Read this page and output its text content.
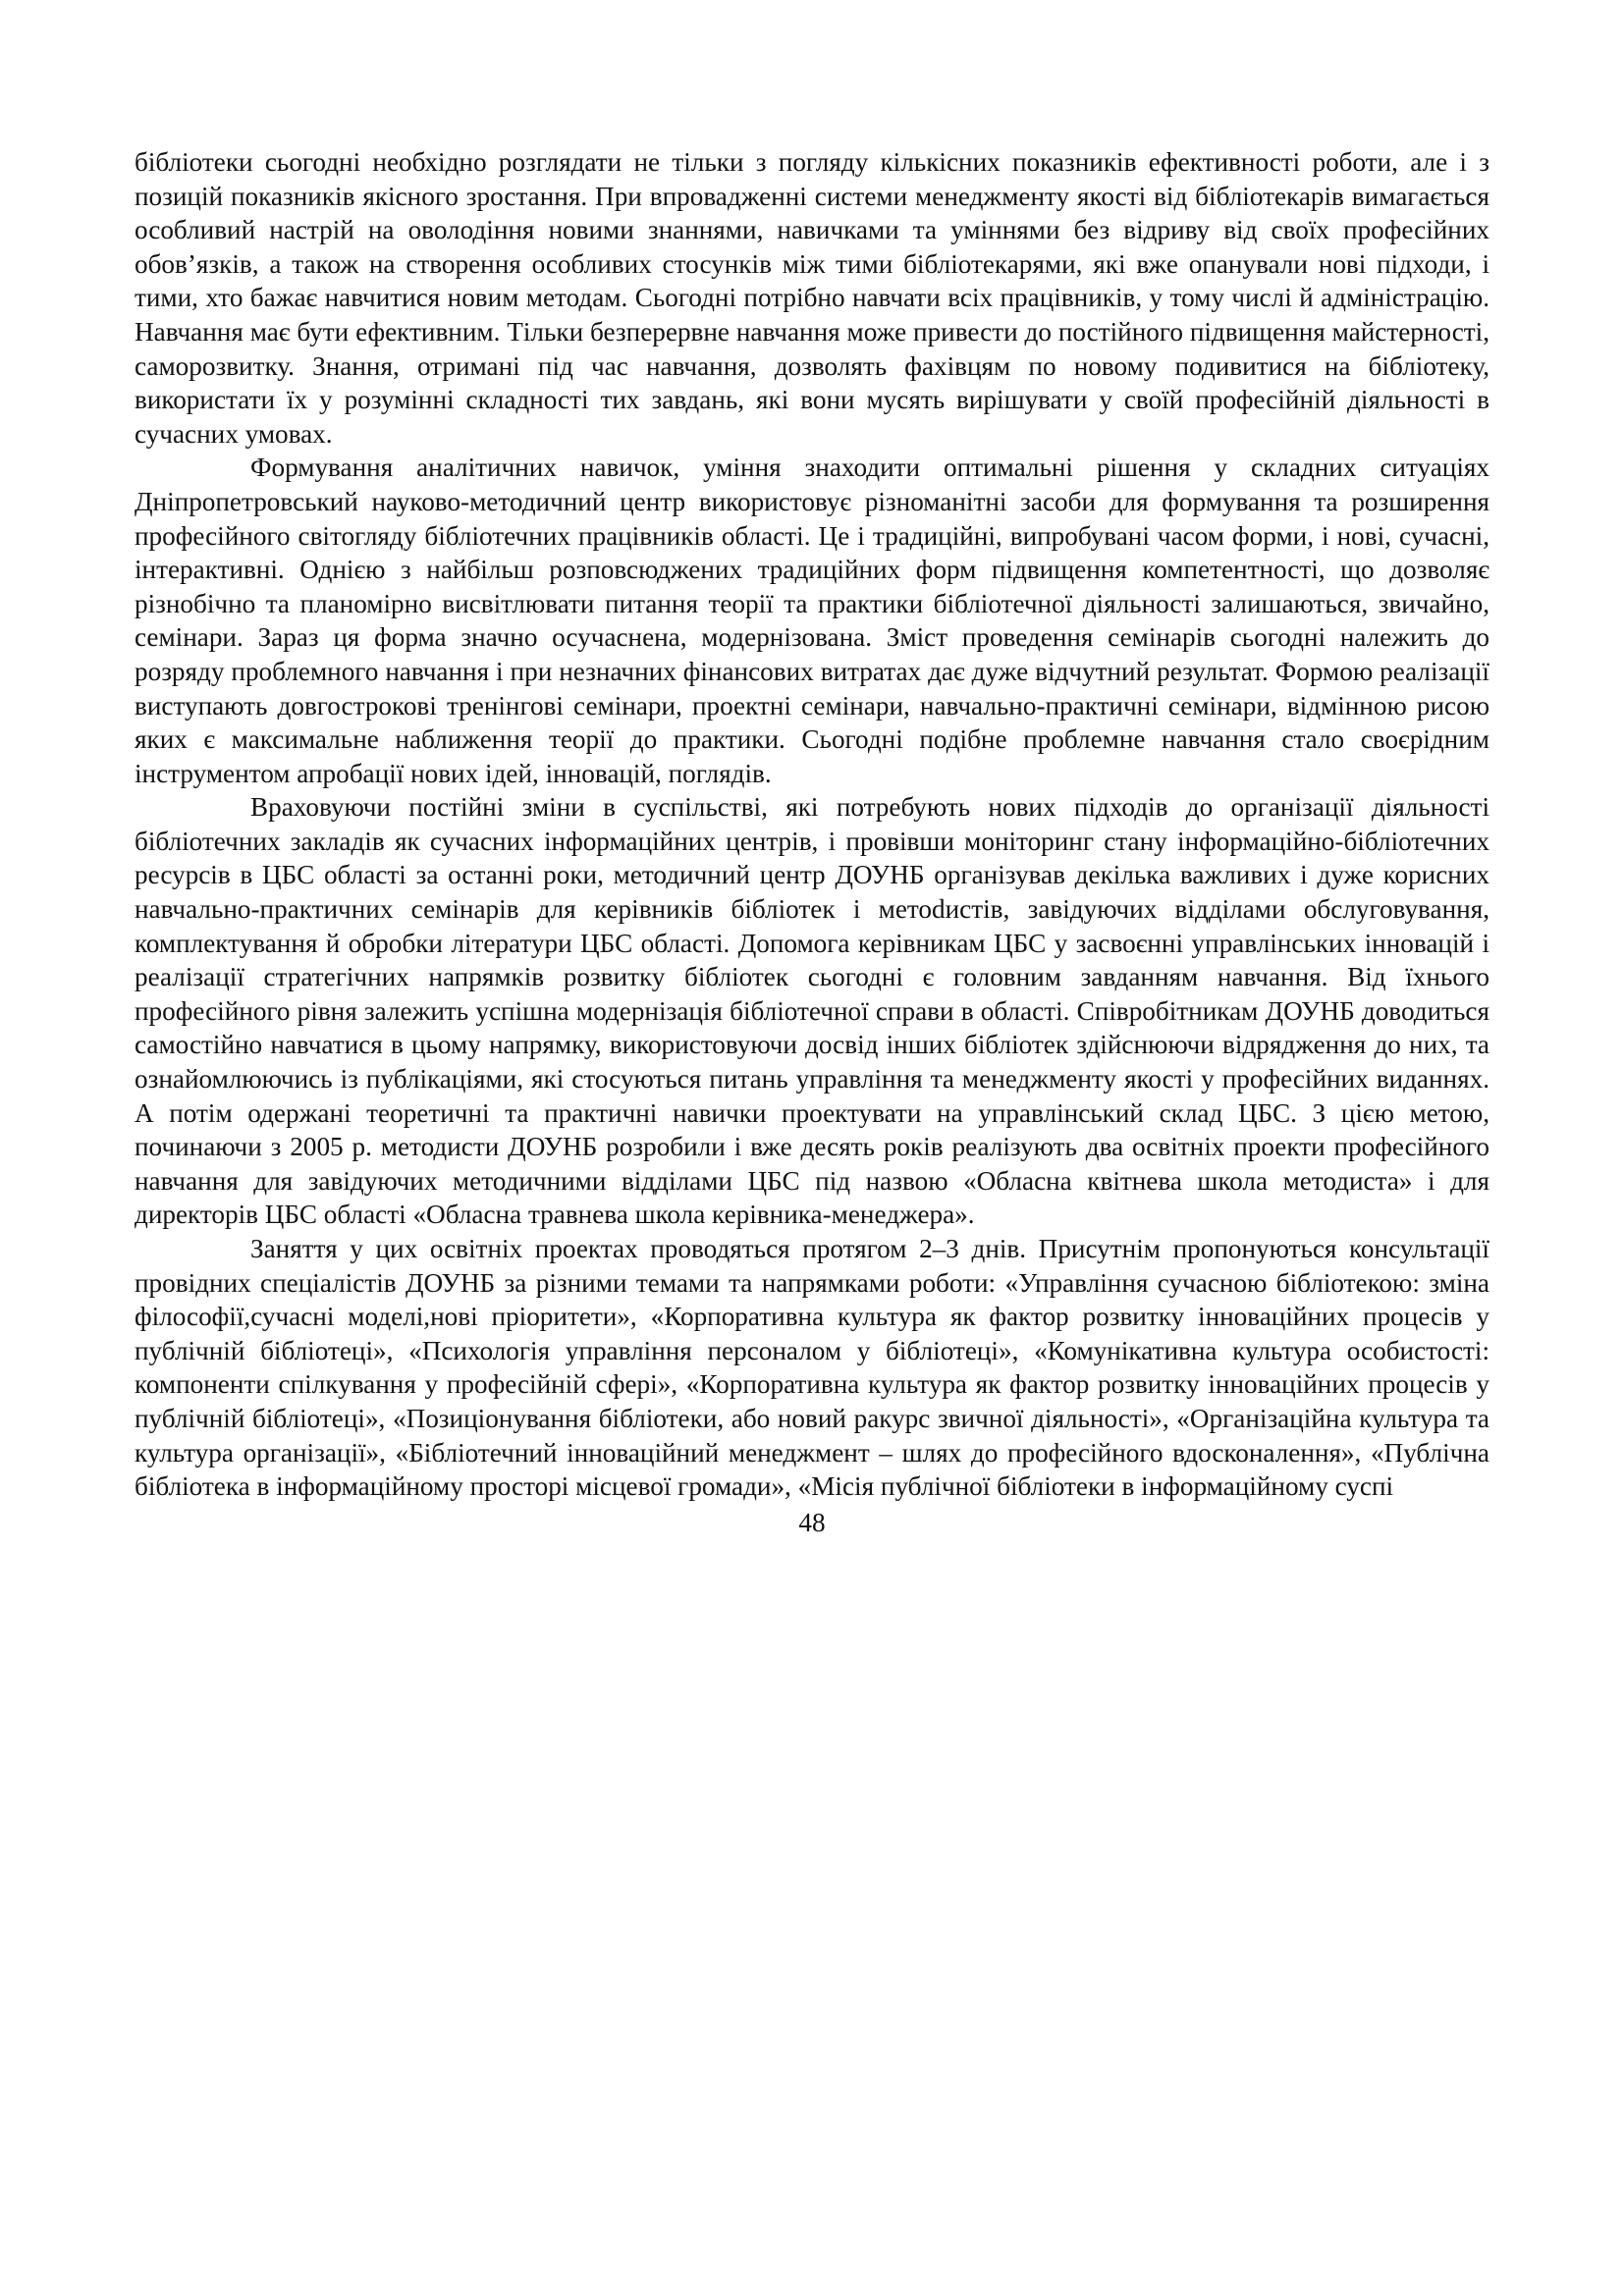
бібліотеки сьогодні необхідно розглядати не тільки з погляду кількісних показників ефективності роботи, але і з позицій показників якісного зростання. При впровадженні системи менеджменту якості від бібліотекарів вимагається особливий настрій на оволодіння новими знаннями, навичками та уміннями без відриву від своїх професійних обов’язків, а також на створення особливих стосунків між тими бібліотекарями, які вже опанували нові підходи, і тими, хто бажає навчитися новим методам. Сьогодні потрібно навчати всіх працівників, у тому числі й адміністрацію. Навчання має бути ефективним. Тільки безперервне навчання може привести до постійного підвищення майстерності, саморозвитку. Знання, отримані під час навчання, дозволять фахівцям по новому подивитися на бібліотеку, використати їх у розумінні складності тих завдань, які вони мусять вирішувати у своїй професійній діяльності в сучасних умовах.

Формування аналітичних навичок, уміння знаходити оптимальні рішення у складних ситуаціях Дніпропетровський науково-методичний центр використовує різноманітні засоби для формування та розширення професійного світогляду бібліотечних працівників області. Це і традиційні, випробувані часом форми, і нові, сучасні, інтерактивні. Однією з найбільш розповсюджених традиційних форм підвищення компетентності, що дозволяє різнобічно та планомірно висвітлювати питання теорії та практики бібліотечної діяльності залишаються, звичайно, семінари. Зараз ця форма значно осучаснена, модернізована. Зміст проведення семінарів сьогодні належить до розряду проблемного навчання і при незначних фінансових витратах дає дуже відчутний результат. Формою реалізації виступають довгострокові тренінгові семінари, проектні семінари, навчально-практичні семінари, відмінною рисою яких є максимальне наближення теорії до практики. Сьогодні подібне проблемне навчання стало своєрідним інструментом апробації нових ідей, інновацій, поглядів.

Враховуючи постійні зміни в суспільстві, які потребують нових підходів до організації діяльності бібліотечних закладів як сучасних інформаційних центрів, і провівши моніторинг стану інформаційно-бібліотечних ресурсів в ЦБС області за останні роки, методичний центр ДОУНБ організував декілька важливих і дуже корисних навчально-практичних семінарів для керівників бібліотек і метоdистів, завідуючих відділами обслуговування, комплектування й обробки літератури ЦБС області. Допомога керівникам ЦБС у засвоєнні управлінських інновацій і реалізації стратегічних напрямків розвитку бібліотек сьогодні є головним завданням навчання. Від їхнього професійного рівня залежить успішна модернізація бібліотечної справи в області. Співробітникам ДОУНБ доводиться самостійно навчатися в цьому напрямку, використовуючи досвід інших бібліотек здійснюючи відрядження до них, та ознайомлюючись із публікаціями, які стосуються питань управління та менеджменту якості у професійних виданнях. А потім одержані теоретичні та практичні навички проектувати на управлінський склад ЦБС. З цією метою, починаючи з 2005 р. методисти ДОУНБ розробили і вже десять років реалізують два освітніх проекти професійного навчання для завідуючих методичними відділами ЦБС під назвою «Обласна квітнева школа методиста» і для директорів ЦБС області «Обласна травнева школа керівника-менеджера».

Заняття у цих освітніх проектах проводяться протягом 2–3 днів. Присутнім пропонуються консультації провідних спеціалістів ДОУНБ за різними темами та напрямками роботи: «Управління сучасною бібліотекою: зміна філософії,сучасні моделі,нові пріоритети», «Корпоративна культура як фактор розвитку інноваційних процесів у публічній бібліотеці», «Психологія управління персоналом у бібліотеці», «Комунікативна культура особистості: компоненти спілкування у професійній сфері», «Корпоративна культура як фактор розвитку інноваційних процесів у публічній бібліотеці», «Позиціонування бібліотеки, або новий ракурс звичної діяльності», «Організаційна культура та культура організації», «Бібліотечний інноваційний менеджмент – шлях до професійного вдосконалення», «Публічна бібліотека в інформаційному просторі місцевої громади», «Місія публічної бібліотеки в інформаційному суспі

48
